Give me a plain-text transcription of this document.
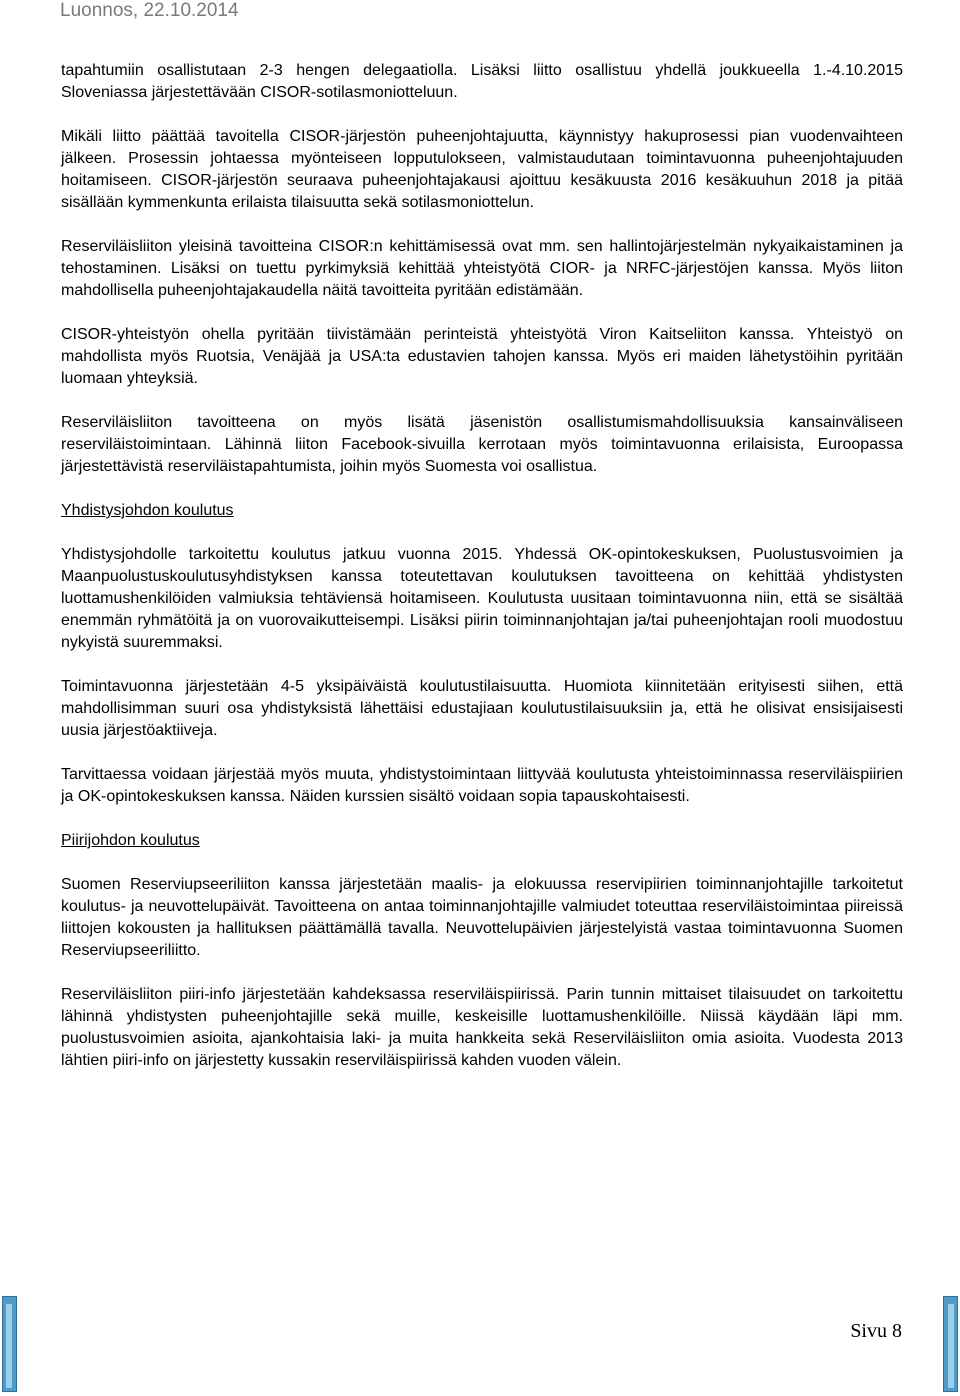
Luonnos, 22.10.2014

tapahtumiin osallistutaan 2-3 hengen delegaatiolla. Lisäksi liitto osallistuu yhdellä joukkueella 1.-4.10.2015 Sloveniassa järjestettävään CISOR-sotilasmoniotteluun.

Mikäli liitto päättää tavoitella CISOR-järjestön puheenjohtajuutta, käynnistyy hakuprosessi pian vuodenvaihteen jälkeen. Prosessin johtaessa myönteiseen lopputulokseen, valmistaudutaan toimintavuonna puheenjohtajuuden hoitamiseen. CISOR-järjestön seuraava puheenjohtajakausi ajoittuu kesäkuusta 2016 kesäkuuhun 2018 ja pitää sisällään kymmenkunta erilaista tilaisuutta sekä sotilasmoniottelun.

Reserviläisliiton yleisinä tavoitteina CISOR:n kehittämisessä ovat mm. sen hallintojärjestelmän nykyaikaistaminen ja tehostaminen. Lisäksi on tuettu pyrkimyksiä kehittää yhteistyötä CIOR- ja NRFC-järjestöjen kanssa. Myös liiton mahdollisella puheenjohtajakaudella näitä tavoitteita pyritään edistämään.

CISOR-yhteistyön ohella pyritään tiivistämään perinteistä yhteistyötä Viron Kaitseliiton kanssa. Yhteistyö on mahdollista myös Ruotsia, Venäjää ja USA:ta edustavien tahojen kanssa. Myös eri maiden lähetystöihin pyritään luomaan yhteyksiä.

Reserviläisliiton tavoitteena on myös lisätä jäsenistön osallistumismahdollisuuksia kansainväliseen reserviläistoimintaan. Lähinnä liiton Facebook-sivuilla kerrotaan myös toimintavuonna erilaisista, Euroopassa järjestettävistä reserviläistapahtumista, joihin myös Suomesta voi osallistua.

Yhdistysjohdon koulutus

Yhdistysjohdolle tarkoitettu koulutus jatkuu vuonna 2015. Yhdessä OK-opintokeskuksen, Puolustusvoimien ja Maanpuolustuskoulutusyhdistyksen kanssa toteutettavan koulutuksen tavoitteena on kehittää yhdistysten luottamushenkilöiden valmiuksia tehtäviensä hoitamiseen. Koulutusta uusitaan toimintavuonna niin, että se sisältää enemmän ryhmätöitä ja on vuorovaikutteisempi. Lisäksi piirin toiminnanjohtajan ja/tai puheenjohtajan rooli muodostuu nykyistä suuremmaksi.

Toimintavuonna järjestetään 4-5 yksipäiväistä koulutustilaisuutta. Huomiota kiinnitetään erityisesti siihen, että mahdollisimman suuri osa yhdistyksistä lähettäisi edustajiaan koulutustilaisuuksiin ja, että he olisivat ensisijaisesti uusia järjestöaktiiveja.

Tarvittaessa voidaan järjestää myös muuta, yhdistystoimintaan liittyvää koulutusta yhteistoiminnassa reserviläispiirien ja OK-opintokeskuksen kanssa. Näiden kurssien sisältö voidaan sopia tapauskohtaisesti.

Piirijohdon koulutus

Suomen Reserviupseeriliiton kanssa järjestetään maalis- ja elokuussa reservipiirien toiminnanjohtajille tarkoitetut koulutus- ja neuvottelupäivät. Tavoitteena on antaa toiminnanjohtajille valmiudet toteuttaa reserviläistoimintaa piireissä liittojen kokousten ja hallituksen päättämällä tavalla. Neuvottelupäivien järjestelyistä vastaa toimintavuonna Suomen Reserviupseeriliitto.

Reserviläisliiton piiri-info järjestetään kahdeksassa reserviläispiirissä. Parin tunnin mittaiset tilaisuudet on tarkoitettu lähinnä yhdistysten puheenjohtajille sekä muille, keskeisille luottamushenkilöille. Niissä käydään läpi mm. puolustusvoimien asioita, ajankohtaisia laki- ja muita hankkeita sekä Reserviläisliiton omia asioita. Vuodesta 2013 lähtien piiri-info on järjestetty kussakin reserviläispiirissä kahden vuoden välein.

Sivu 8
